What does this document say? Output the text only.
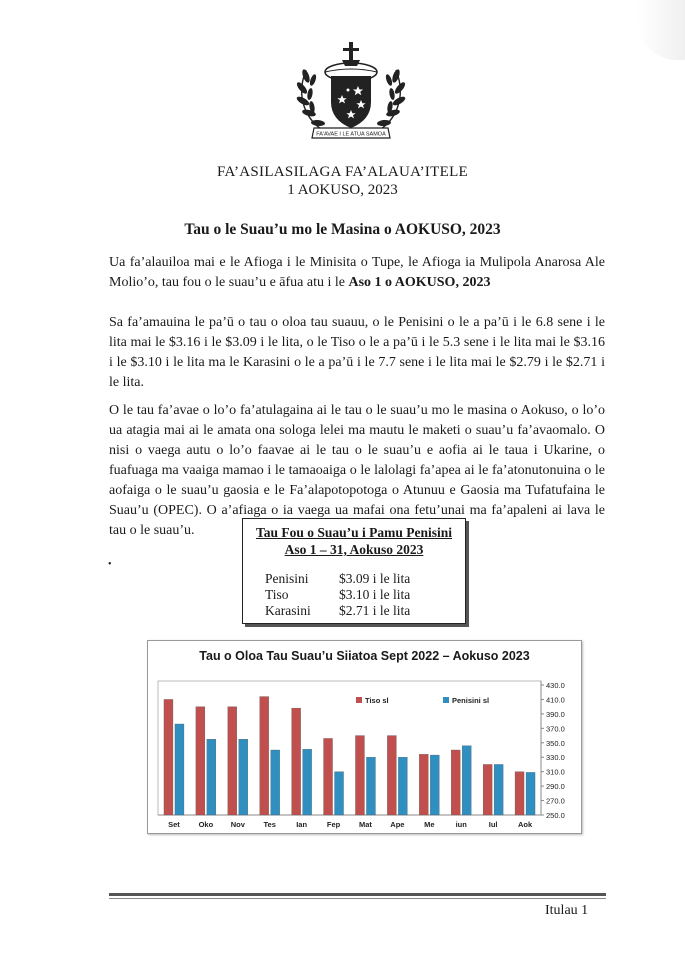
FA'AVAE I LE ATUA SAMOA
FA’ASILASILAGA FA’ALAUA’ITELE
1 AOKUSO, 2023
Tau o le Suau’u mo le Masina o AOKUSO, 2023
Ua fa’alauiloa mai e le Afioga i le Minisita o Tupe, le Afioga ia Mulipola Anarosa Ale Molio’o, tau fou o le suau’u e āfua atu i le Aso 1 o AOKUSO, 2023
Sa fa’amauina le pa’ū o tau o oloa tau suauu, o le Penisini o le a pa’ū i le 6.8 sene i le lita mai le $3.16 i le $3.09 i le lita, o le Tiso o le a pa’ū i le 5.3 sene i le lita mai le $3.16 i le $3.10 i le lita ma le Karasini o le a pa’ū i le 7.7 sene i le lita mai le $2.79 i le $2.71 i le lita.
O le tau fa’avae o lo’o fa’atulagaina ai le tau o le suau’u mo le masina o Aokuso, o lo’o ua atagia mai ai le amata ona sologa lelei ma mautu le maketi o suau’u fa’avaomalo. O nisi o vaega autu o lo’o faavae ai le tau o le suau’u e aofia ai le taua i Ukarine, o fuafuaga ma vaaiga mamao i le tamaoaiga o le lalolagi fa’apea ai le fa’atonutonuina o le aofaiga o le suau’u gaosia e le Fa’alapotopotoga o Atunuu e Gaosia ma Tufatufaina le Suau’u (OPEC). O a’afiaga o ia vaega ua mafai ona fetu’unai ma fa’apaleni ai lava le tau o le suau’u.
•
Tau Fou o Suau’u i Pamu Penisini
Aso 1 – 31, Aokuso 2023
Penisini $3.09 i le lita
Tiso	$3.10 i le lita
Karasini $2.71 i le lita
Tau o Oloa Tau Suau’u Siiatoa Sept 2022 – Aokuso 2023
430.0
410.0
390.0
370.0
350.0
330.0
310.0
290.0
270.0
250.0
Set	Oko Nov Tes	Ian	Fep	Mat Ape	Me	iun	Iul	Aok
Tiso sl	Penisini sl
Itulau 1
